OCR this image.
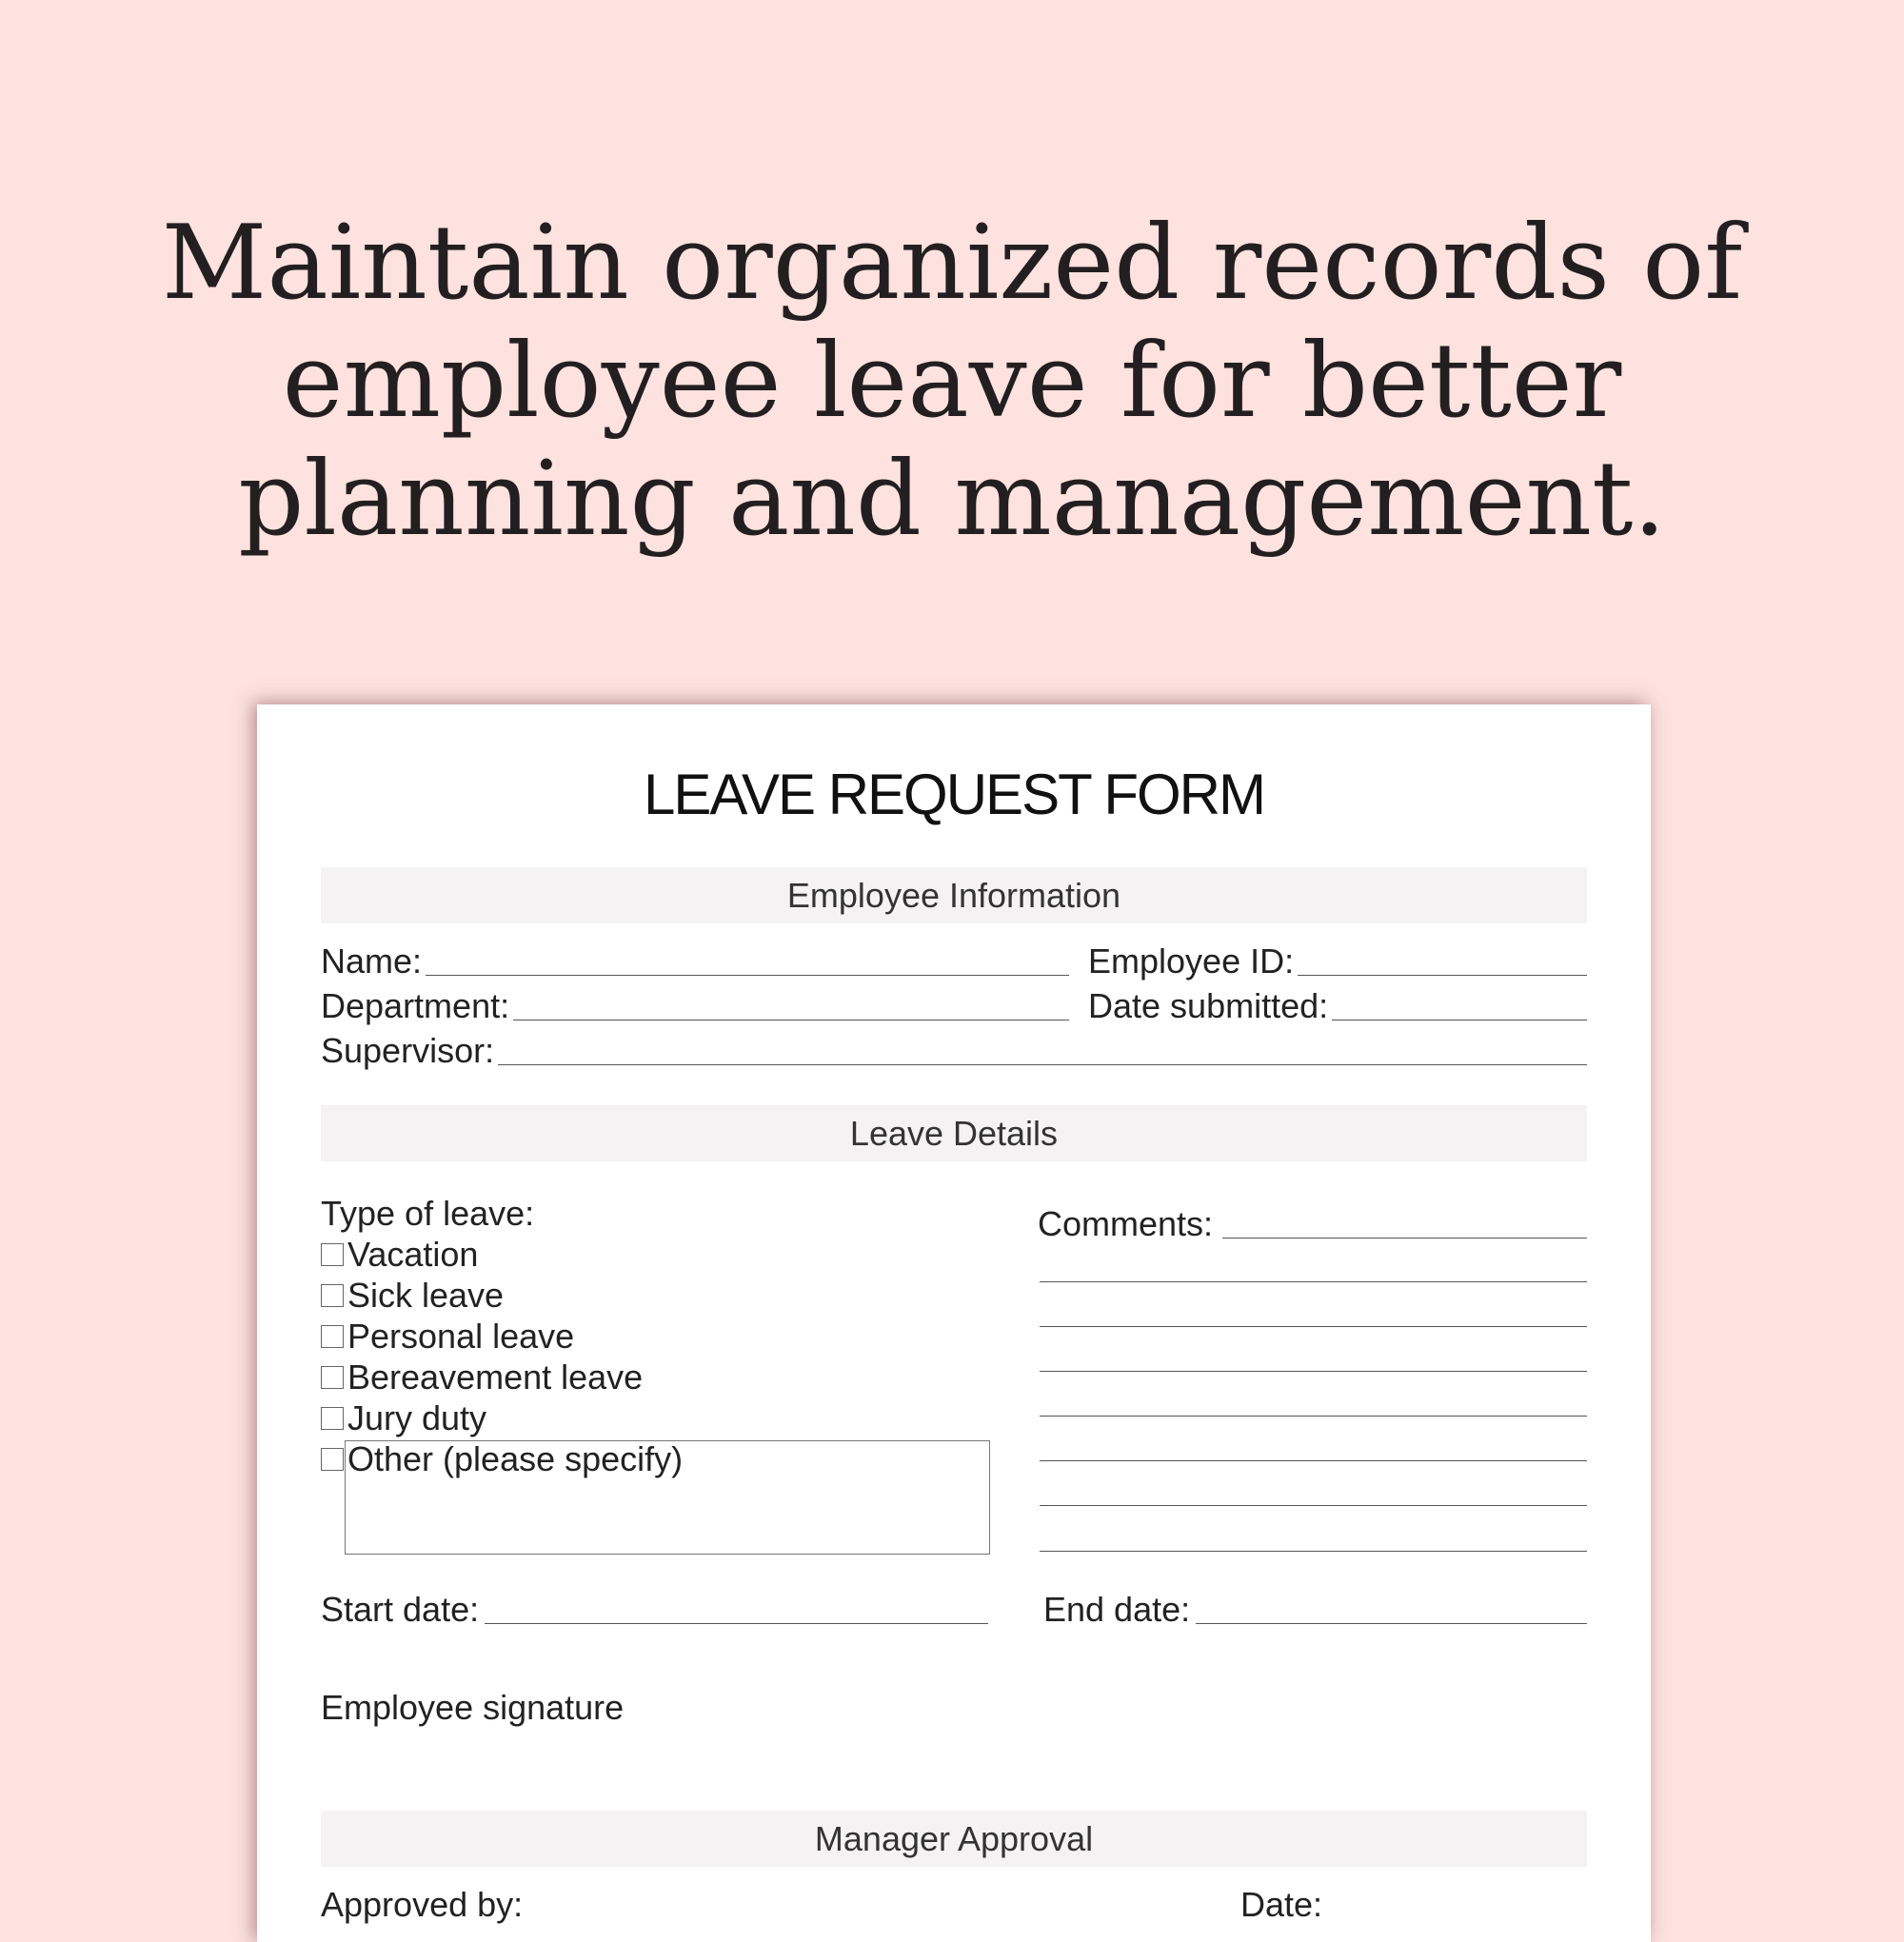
Maintain organized records of
employee leave for better
planning and management.
LEAVE REQUEST FORM
Employee Information
Name:	Employee ID:
Department:	Date submitted:
Supervisor:
Leave Details
Type of leave:
Vacation
Sick leave
Personal leave
Bereavement leave
Jury duty
Other (please specify)
Comments:
Start date:	End date:
Employee signature
Manager Approval
Approved by:	Date:
